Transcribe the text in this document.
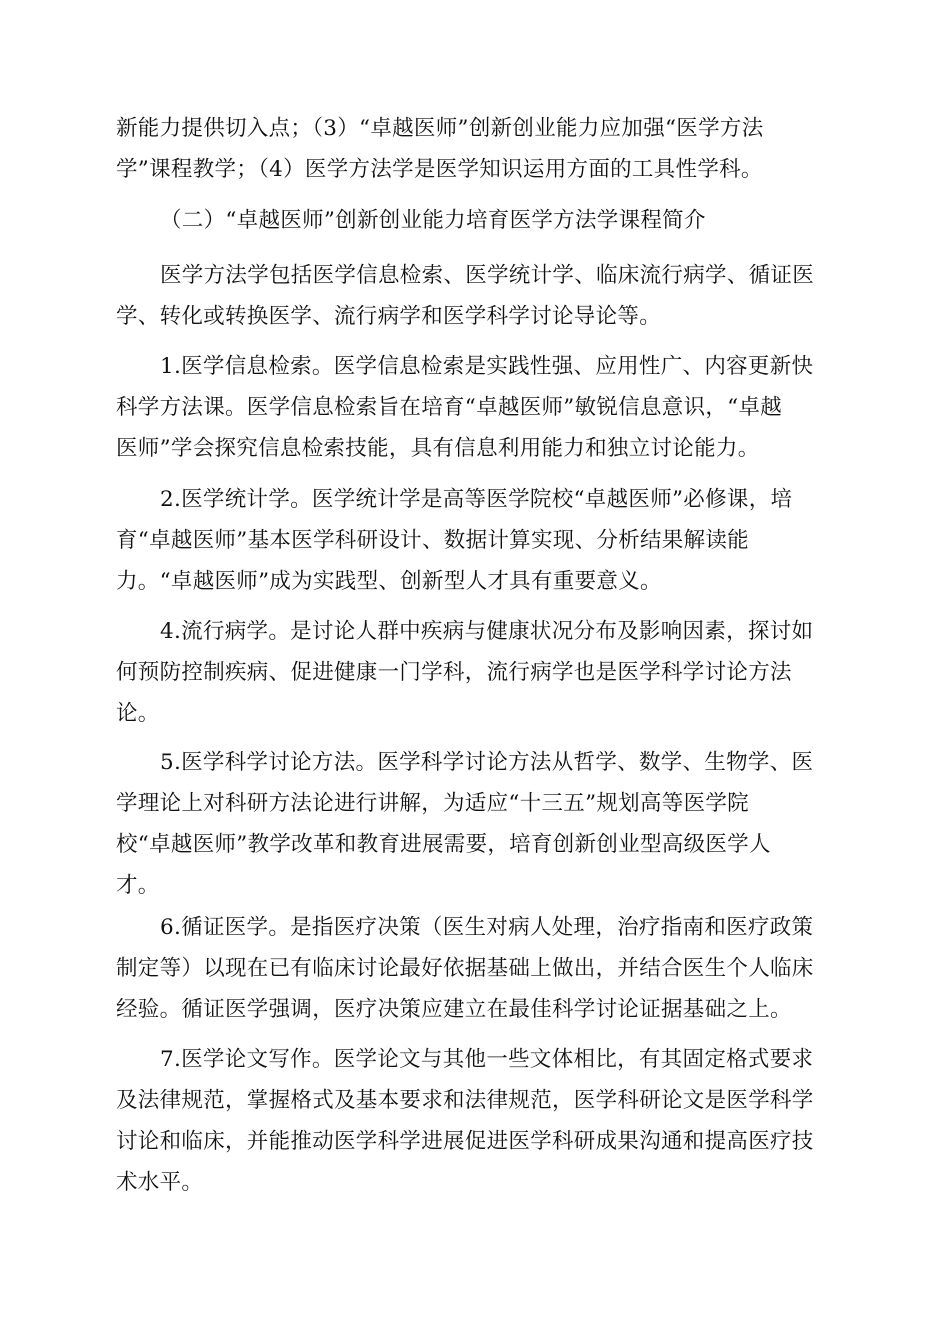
新能力提供切入点；（3）“卓越医师”创新创业能力应加强“医学方法
学”课程教学；（4）医学方法学是医学知识运用方面的工具性学科。
（二）“卓越医师”创新创业能力培育医学方法学课程简介
医学方法学包括医学信息检索、医学统计学、临床流行病学、循证医
学、转化或转换医学、流行病学和医学科学讨论导论等。
1.医学信息检索。医学信息检索是实践性强、应用性广、内容更新快
科学方法课。医学信息检索旨在培育“卓越医师”敏锐信息意识，“卓越
医师”学会探究信息检索技能，具有信息利用能力和独立讨论能力。
2.医学统计学。医学统计学是高等医学院校“卓越医师”必修课，培
育“卓越医师”基本医学科研设计、数据计算实现、分析结果解读能
力。“卓越医师”成为实践型、创新型人才具有重要意义。
4.流行病学。是讨论人群中疾病与健康状况分布及影响因素，探讨如
何预防控制疾病、促进健康一门学科，流行病学也是医学科学讨论方法
论。
5.医学科学讨论方法。医学科学讨论方法从哲学、数学、生物学、医
学理论上对科研方法论进行讲解，为适应“十三五”规划高等医学院
校“卓越医师”教学改革和教育进展需要，培育创新创业型高级医学人
才。
6.循证医学。是指医疗决策（医生对病人处理，治疗指南和医疗政策
制定等）以现在已有临床讨论最好依据基础上做出，并结合医生个人临床
经验。循证医学强调，医疗决策应建立在最佳科学讨论证据基础之上。
7.医学论文写作。医学论文与其他一些文体相比，有其固定格式要求
及法律规范，掌握格式及基本要求和法律规范，医学科研论文是医学科学
讨论和临床，并能推动医学科学进展促进医学科研成果沟通和提高医疗技
术水平。
